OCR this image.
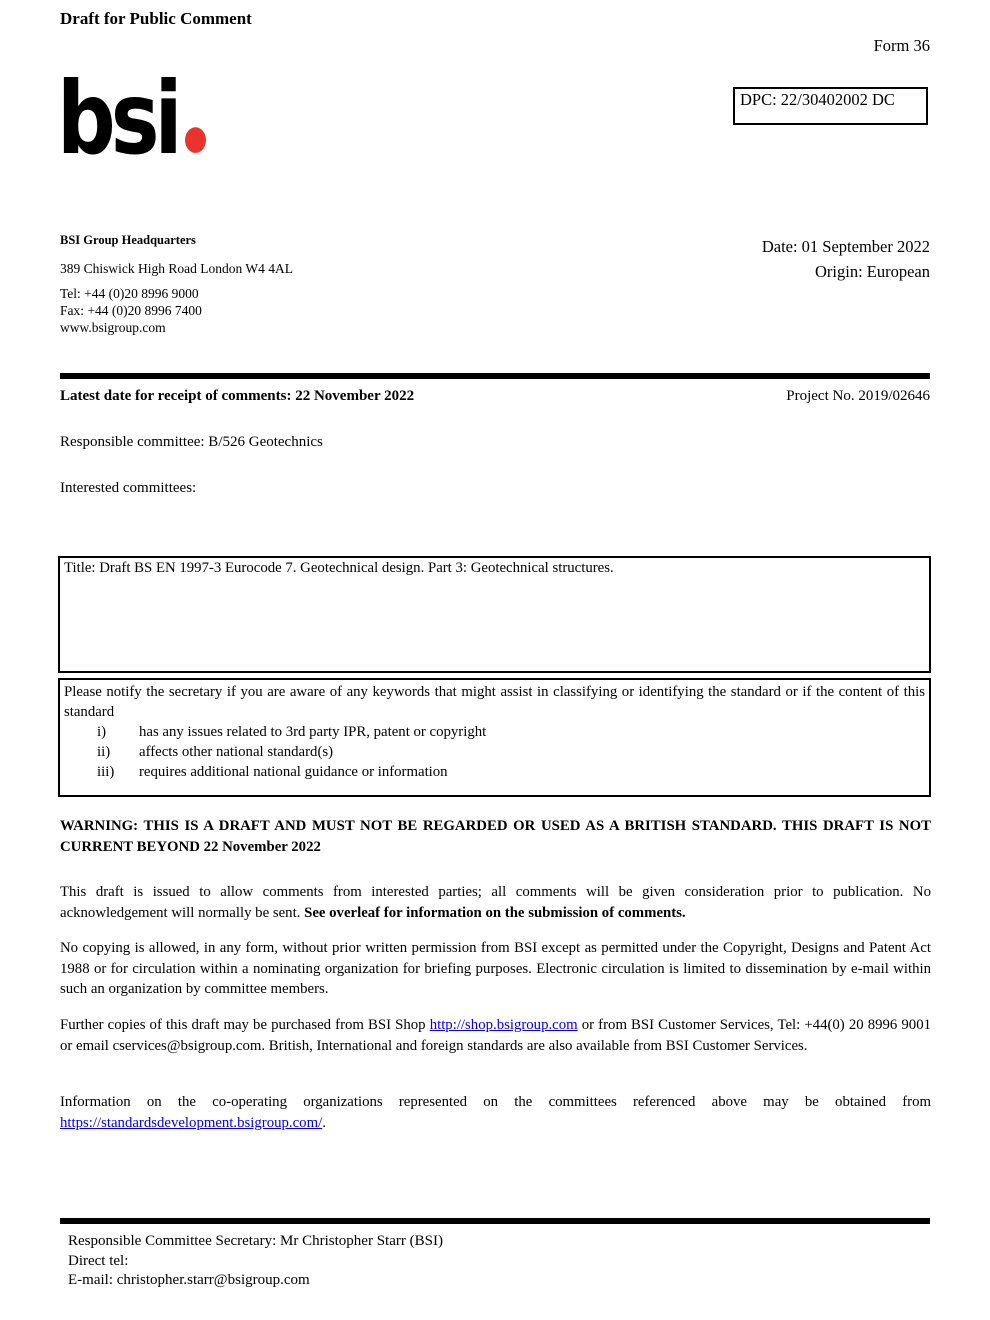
Draft for Public Comment
Form 36
DPC: 22/30402002 DC
bsi
BSI Group Headquarters
389 Chiswick High Road London W4 4AL
Tel: +44 (0)20 8996 9000
Fax: +44 (0)20 8996 7400
www.bsigroup.com
Date: 01 September 2022
Origin: European
Latest date for receipt of comments: 22 November 2022	Project No. 2019/02646
Responsible committee: B/526 Geotechnics
Interested committees:
Title: Draft BS EN 1997-3 Eurocode 7. Geotechnical design. Part 3: Geotechnical structures.
Please notify the secretary if you are aware of any keywords that might assist in classifying or identifying the standard or if the content of this standard
i)	has any issues related to 3rd party IPR, patent or copyright
ii)	affects other national standard(s)
iii)	requires additional national guidance or information
WARNING: THIS IS A DRAFT AND MUST NOT BE REGARDED OR USED AS A BRITISH STANDARD. THIS DRAFT IS NOT CURRENT BEYOND 22 November 2022
This draft is issued to allow comments from interested parties; all comments will be given consideration prior to publication. No acknowledgement will normally be sent. See overleaf for information on the submission of comments.
No copying is allowed, in any form, without prior written permission from BSI except as permitted under the Copyright, Designs and Patent Act 1988 or for circulation within a nominating organization for briefing purposes. Electronic circulation is limited to dissemination by e-mail within such an organization by committee members.
Further copies of this draft may be purchased from BSI Shop http://shop.bsigroup.com or from BSI Customer Services, Tel: +44(0) 20 8996 9001 or email cservices@bsigroup.com. British, International and foreign standards are also available from BSI Customer Services.
Information on the co-operating organizations represented on the committees referenced above may be obtained from https://standardsdevelopment.bsigroup.com/.
Responsible Committee Secretary: Mr Christopher Starr (BSI)
Direct tel:
E-mail: christopher.starr@bsigroup.com
